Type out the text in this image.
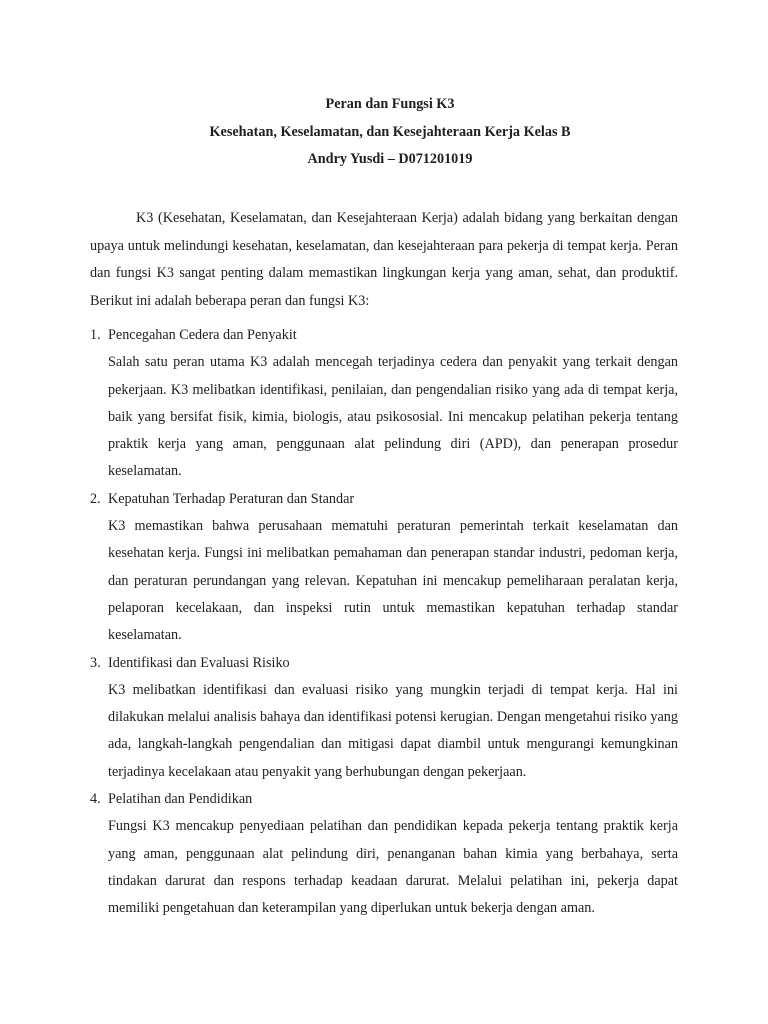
Peran dan Fungsi K3
Kesehatan, Keselamatan, dan Kesejahteraan Kerja Kelas B
Andry Yusdi – D071201019

K3 (Kesehatan, Keselamatan, dan Kesejahteraan Kerja) adalah bidang yang berkaitan dengan upaya untuk melindungi kesehatan, keselamatan, dan kesejahteraan para pekerja di tempat kerja. Peran dan fungsi K3 sangat penting dalam memastikan lingkungan kerja yang aman, sehat, dan produktif. Berikut ini adalah beberapa peran dan fungsi K3:

1. Pencegahan Cedera dan Penyakit
Salah satu peran utama K3 adalah mencegah terjadinya cedera dan penyakit yang terkait dengan pekerjaan. K3 melibatkan identifikasi, penilaian, dan pengendalian risiko yang ada di tempat kerja, baik yang bersifat fisik, kimia, biologis, atau psikososial. Ini mencakup pelatihan pekerja tentang praktik kerja yang aman, penggunaan alat pelindung diri (APD), dan penerapan prosedur keselamatan.
2. Kepatuhan Terhadap Peraturan dan Standar
K3 memastikan bahwa perusahaan mematuhi peraturan pemerintah terkait keselamatan dan kesehatan kerja. Fungsi ini melibatkan pemahaman dan penerapan standar industri, pedoman kerja, dan peraturan perundangan yang relevan. Kepatuhan ini mencakup pemeliharaan peralatan kerja, pelaporan kecelakaan, dan inspeksi rutin untuk memastikan kepatuhan terhadap standar keselamatan.
3. Identifikasi dan Evaluasi Risiko
K3 melibatkan identifikasi dan evaluasi risiko yang mungkin terjadi di tempat kerja. Hal ini dilakukan melalui analisis bahaya dan identifikasi potensi kerugian. Dengan mengetahui risiko yang ada, langkah-langkah pengendalian dan mitigasi dapat diambil untuk mengurangi kemungkinan terjadinya kecelakaan atau penyakit yang berhubungan dengan pekerjaan.
4. Pelatihan dan Pendidikan
Fungsi K3 mencakup penyediaan pelatihan dan pendidikan kepada pekerja tentang praktik kerja yang aman, penggunaan alat pelindung diri, penanganan bahan kimia yang berbahaya, serta tindakan darurat dan respons terhadap keadaan darurat. Melalui pelatihan ini, pekerja dapat memiliki pengetahuan dan keterampilan yang diperlukan untuk bekerja dengan aman.
